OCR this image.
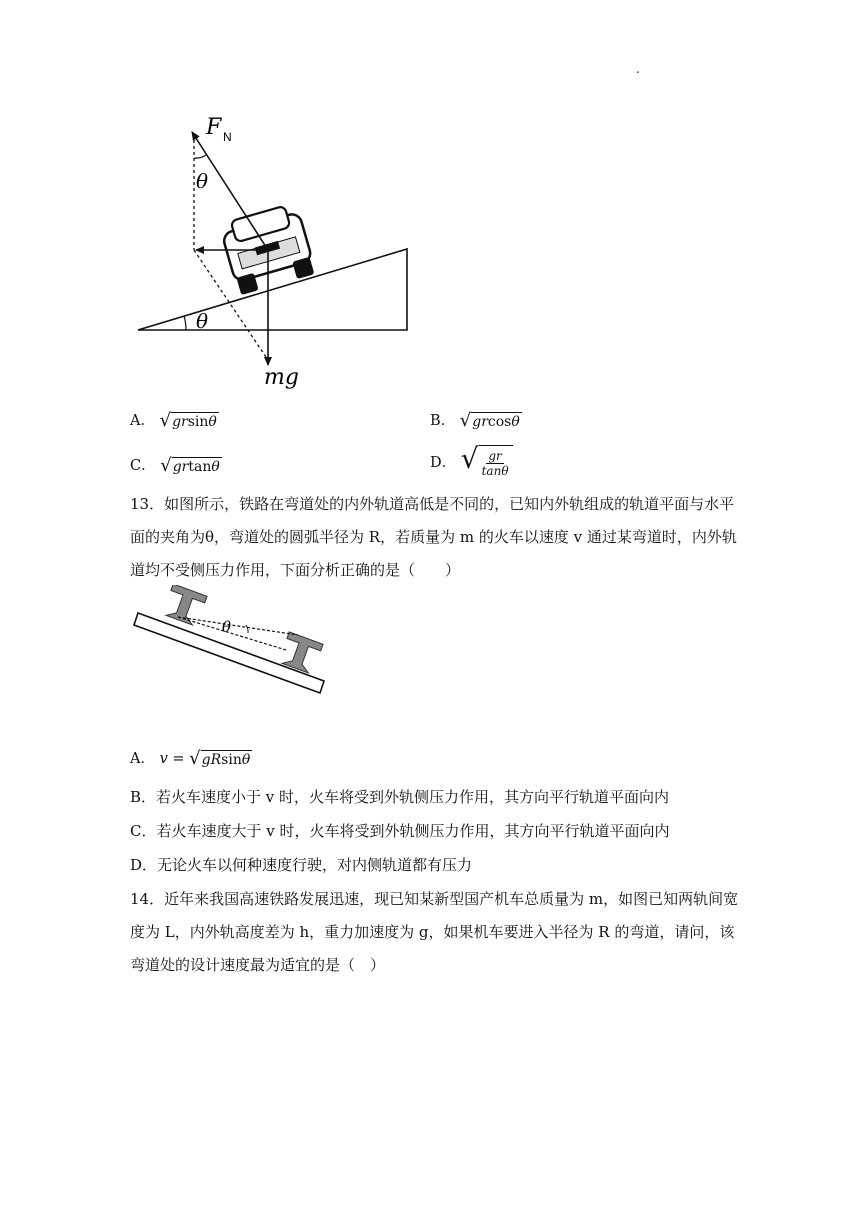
.
F N
θ
θ
mg
A． √ grsinθ	B． √ grcosθ
C． √ grtanθ	D． √ $\frac{gr}{\tan\theta}$
13．如图所示，铁路在弯道处的内外轨道高低是不同的，已知内外轨组成的轨道平面与水平
面的夹角为θ，弯道处的圆弧半径为 R，若质量为 m 的火车以速度 v 通过某弯道时，内外轨
道均不受侧压力作用，下面分析正确的是（　　）
θ
A． v = √ gRsinθ
B．若火车速度小于 v 时，火车将受到外轨侧压力作用，其方向平行轨道平面向内
C．若火车速度大于 v 时，火车将受到外轨侧压力作用，其方向平行轨道平面向内
D．无论火车以何种速度行驶，对内侧轨道都有压力
14．近年来我国高速铁路发展迅速，现已知某新型国产机车总质量为 m，如图已知两轨间宽
度为 L，内外轨高度差为 h，重力加速度为 g，如果机车要进入半径为 R 的弯道，请问，该
弯道处的设计速度最为适宜的是（　）
